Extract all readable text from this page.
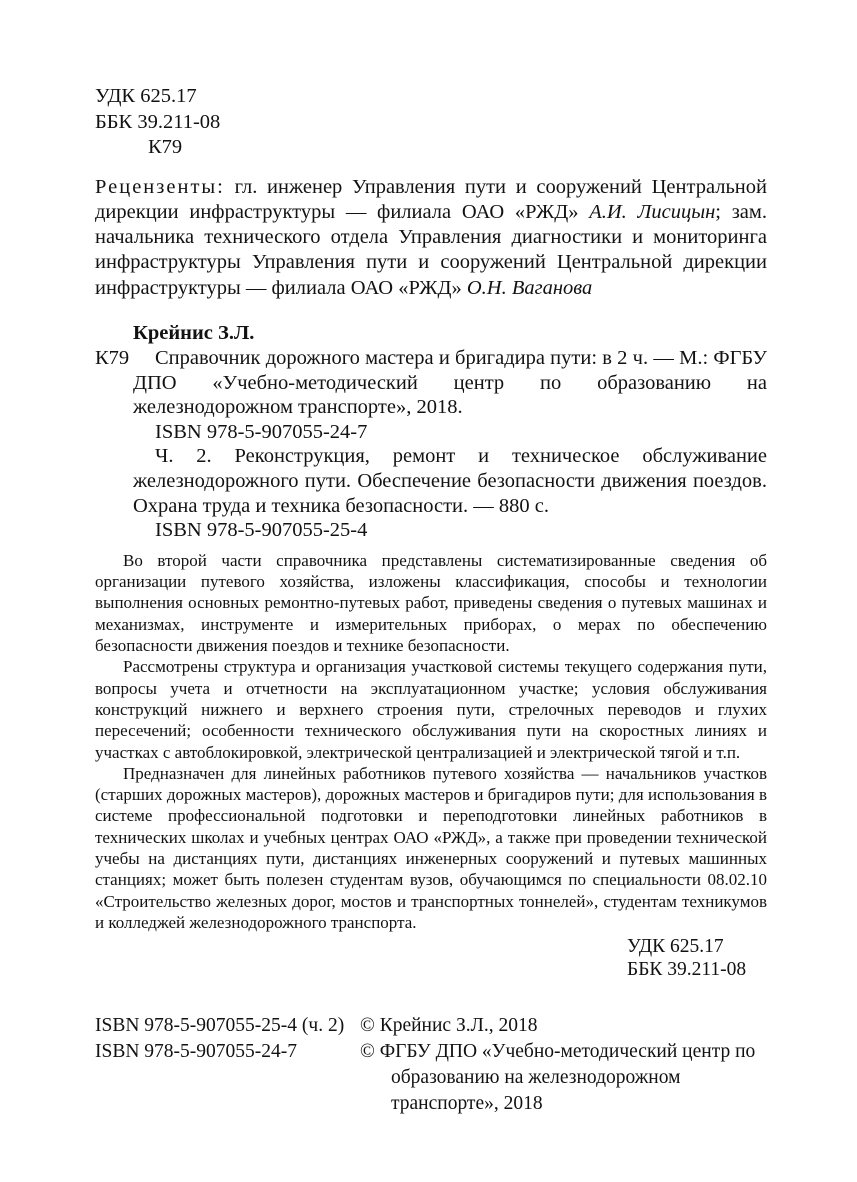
УДК 625.17
ББК 39.211-08
К79

Рецензенты: гл. инженер Управления пути и сооружений Центральной дирекции инфраструктуры — филиала ОАО «РЖД» А.И. Лисицын; зам. начальника технического отдела Управления диагностики и мониторинга инфраструктуры Управления пути и сооружений Центральной дирекции инфраструктуры — филиала ОАО «РЖД» О.Н. Ваганова

Крейнис З.Л.
К79	Справочник дорожного мастера и бригадира пути: в 2 ч. — М.: ФГБУ ДПО «Учебно-методический центр по образованию на железнодорожном транспорте», 2018.

ISBN 978-5-907055-24-7

Ч. 2. Реконструкция, ремонт и техническое обслуживание железнодорожного пути. Обеспечение безопасности движения поездов. Охрана труда и техника безопасности. — 880 с.

ISBN 978-5-907055-25-4

Во второй части справочника представлены систематизированные сведения об организации путевого хозяйства, изложены классификация, способы и технологии выполнения основных ремонтно-путевых работ, приведены сведения о путевых машинах и механизмах, инструменте и измерительных приборах, о мерах по обеспечению безопасности движения поездов и технике безопасности.

Рассмотрены структура и организация участковой системы текущего содержания пути, вопросы учета и отчетности на эксплуатационном участке; условия обслуживания конструкций нижнего и верхнего строения пути, стрелочных переводов и глухих пересечений; особенности технического обслуживания пути на скоростных линиях и участках с автоблокировкой, электрической централизацией и электрической тягой и т.п.

Предназначен для линейных работников путевого хозяйства — начальников участков (старших дорожных мастеров), дорожных мастеров и бригадиров пути; для использования в системе профессиональной подготовки и переподготовки линейных работников в технических школах и учебных центрах ОАО «РЖД», а также при проведении технической учебы на дистанциях пути, дистанциях инженерных сооружений и путевых машинных станциях; может быть полезен студентам вузов, обучающимся по специальности 08.02.10 «Строительство железных дорог, мостов и транспортных тоннелей», студентам техникумов и колледжей железнодорожного транспорта.

УДК 625.17
ББК 39.211-08
ISBN 978-5-907055-25-4 (ч. 2)
ISBN 978-5-907055-24-7

© Крейнис З.Л., 2018

© ФГБУ ДПО «Учебно-методический центр по образованию на железнодорожном транспорте», 2018
